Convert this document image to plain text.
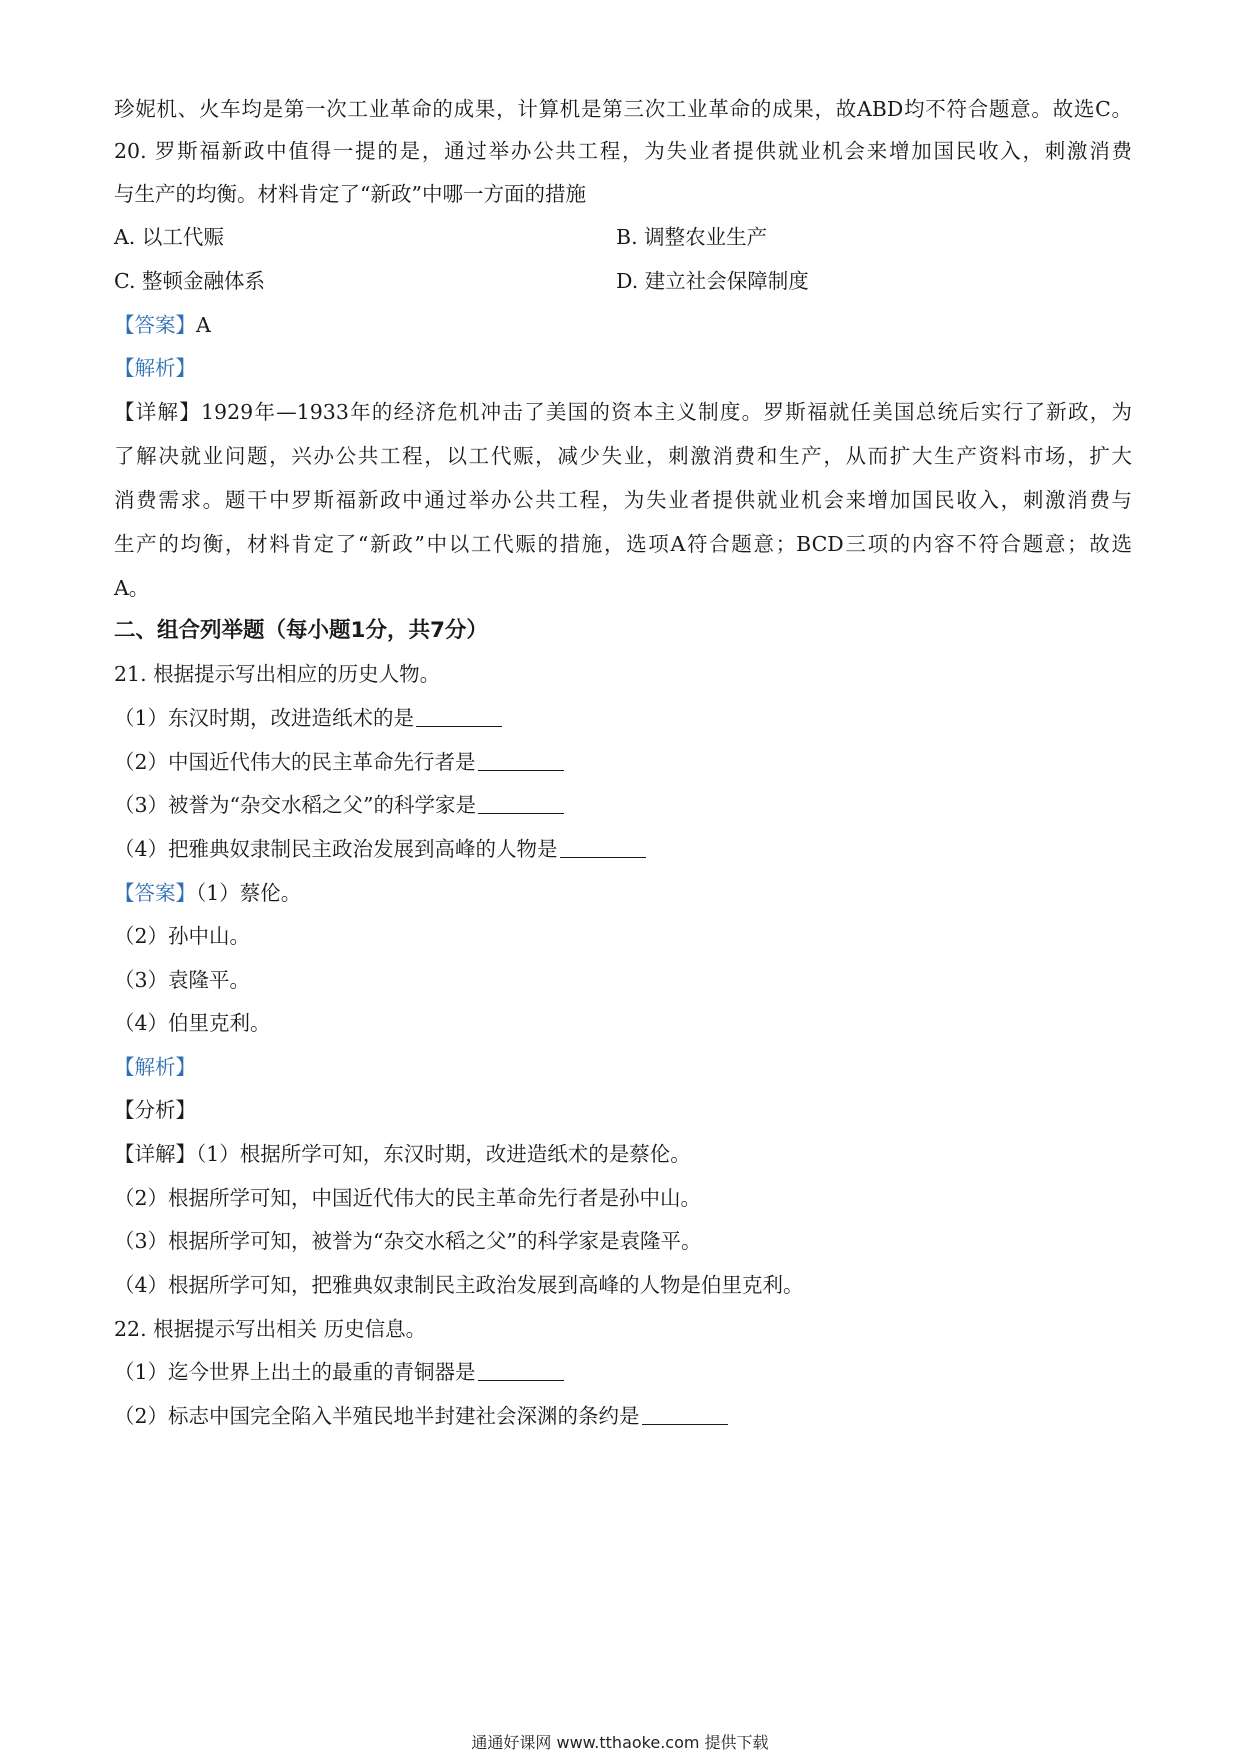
珍妮机、火车均是第一次工业革命的成果，计算机是第三次工业革命的成果，故ABD均不符合题意。故选C。
20. 罗斯福新政中值得一提的是，通过举办公共工程，为失业者提供就业机会来增加国民收入，刺激消费
与生产的均衡。材料肯定了“新政”中哪一方面的措施
A. 以工代赈	B. 调整农业生产
C. 整顿金融体系	D. 建立社会保障制度
【答案】A
【解析】
【详解】1929年—1933年的经济危机冲击了美国的资本主义制度。罗斯福就任美国总统后实行了新政，为
了解决就业问题，兴办公共工程，以工代赈，减少失业，刺激消费和生产，从而扩大生产资料市场，扩大
消费需求。题干中罗斯福新政中通过举办公共工程，为失业者提供就业机会来增加国民收入，刺激消费与
生产的均衡，材料肯定了“新政”中以工代赈的措施，选项A符合题意；BCD三项的内容不符合题意；故选
A。
二、组合列举题（每小题1分，共7分）
21. 根据提示写出相应的历史人物。
（1）东汉时期，改进造纸术的是
（2）中国近代伟大的民主革命先行者是
（3）被誉为“杂交水稻之父”的科学家是
（4）把雅典奴隶制民主政治发展到高峰的人物是
【答案】（1）蔡伦。
（2）孙中山。
（3）袁隆平。
（4）伯里克利。
【解析】
【分析】
【详解】（1）根据所学可知，东汉时期，改进造纸术的是蔡伦。
（2）根据所学可知，中国近代伟大的民主革命先行者是孙中山。
（3）根据所学可知，被誉为“杂交水稻之父”的科学家是袁隆平。
（4）根据所学可知，把雅典奴隶制民主政治发展到高峰的人物是伯里克利。
22. 根据提示写出相关 历史信息。
（1）迄今世界上出土的最重的青铜器是
（2）标志中国完全陷入半殖民地半封建社会深渊的条约是
通通好课网 www.tthaoke.com 提供下载
